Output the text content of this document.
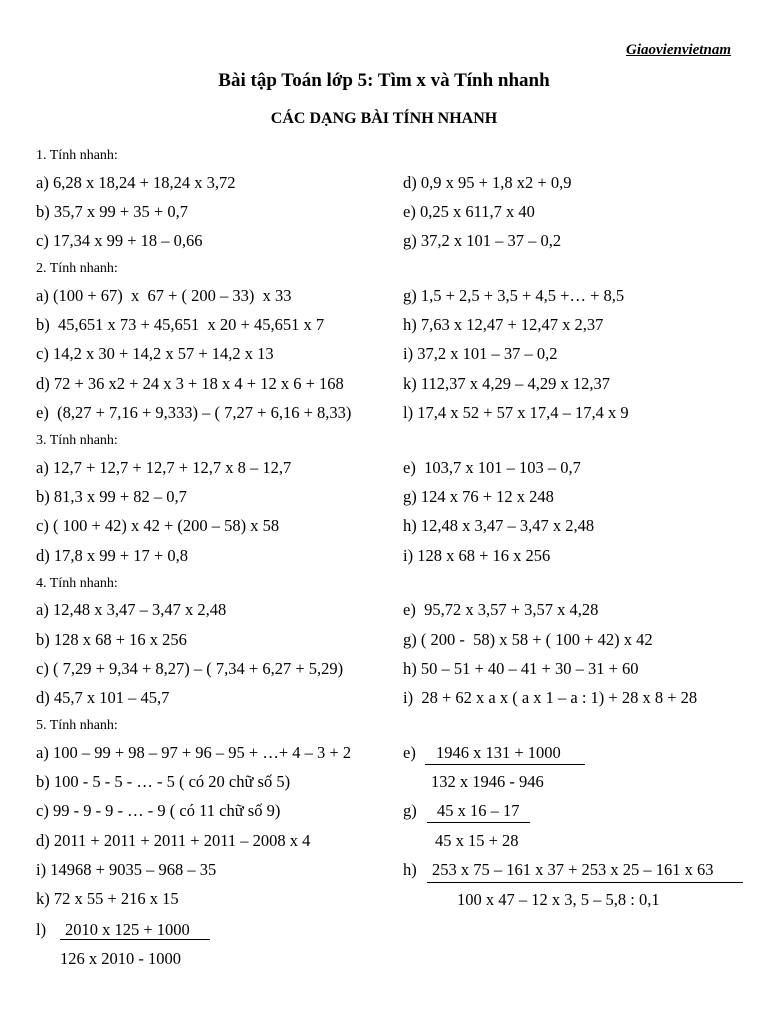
Giaovienvietnam
Bài tập Toán lớp 5: Tìm x và Tính nhanh
CÁC DẠNG BÀI TÍNH NHANH
1. Tính nhanh:
a) 6,28 x 18,24 + 18,24 x 3,72
b) 35,7 x 99 + 35 + 0,7
c) 17,34 x 99 + 18 – 0,66
d) 0,9 x 95 + 1,8 x2 + 0,9
e) 0,25 x 611,7 x 40
g) 37,2 x 101 – 37 – 0,2
2. Tính nhanh:
a) (100 + 67)  x  67 + ( 200 – 33)  x 33
b)  45,651 x 73 + 45,651  x 20 + 45,651 x 7
c) 14,2 x 30 + 14,2 x 57 + 14,2 x 13
d) 72 + 36 x2 + 24 x 3 + 18 x 4 + 12 x 6 + 168
e)  (8,27 + 7,16 + 9,333) – ( 7,27 + 6,16 + 8,33)
g) 1,5 + 2,5 + 3,5 + 4,5 +… + 8,5
h) 7,63 x 12,47 + 12,47 x 2,37
i) 37,2 x 101 – 37 – 0,2
k) 112,37 x 4,29 – 4,29 x 12,37
l) 17,4 x 52 + 57 x 17,4 – 17,4 x 9
3. Tính nhanh:
a) 12,7 + 12,7 + 12,7 + 12,7 x 8 – 12,7
b) 81,3 x 99 + 82 – 0,7
c) ( 100 + 42) x 42 + (200 – 58) x 58
d) 17,8 x 99 + 17 + 0,8
e)  103,7 x 101 – 103 – 0,7
g) 124 x 76 + 12 x 248
h) 12,48 x 3,47 – 3,47 x 2,48
i) 128 x 68 + 16 x 256
4. Tính nhanh:
a) 12,48 x 3,47 – 3,47 x 2,48
b) 128 x 68 + 16 x 256
c) ( 7,29 + 9,34 + 8,27) – ( 7,34 + 6,27 + 5,29)
d) 45,7 x 101 – 45,7
e)  95,72 x 3,57 + 3,57 x 4,28
g) ( 200 -  58) x 58 + ( 100 + 42) x 42
h) 50 – 51 + 40 – 41 + 30 – 31 + 60
i)  28 + 62 x a x ( a x 1 – a : 1) + 28 x 8 + 28
5. Tính nhanh:
a) 100 – 99 + 98 – 97 + 96 – 95 + …+ 4 – 3 + 2
b) 100 - 5 - 5 - … - 5 ( có 20 chữ số 5)
c) 99 - 9 - 9 - … - 9 ( có 11 chữ số 9)
d) 2011 + 2011 + 2011 + 2011 – 2008 x 4
i) 14968 + 9035 – 968 – 35
k) 72 x 55 + 216 x 15
e) 1946 x 131 + 1000
132 x 1946 - 946
g) 45 x 16 – 17
45 x 15 + 28
h) 253 x 75 – 161 x 37 + 253 x 25 – 161 x 63
100 x 47 – 12 x 3, 5 – 5,8 : 0,1
l) 2010 x 125 + 1000
126 x 2010 - 1000
